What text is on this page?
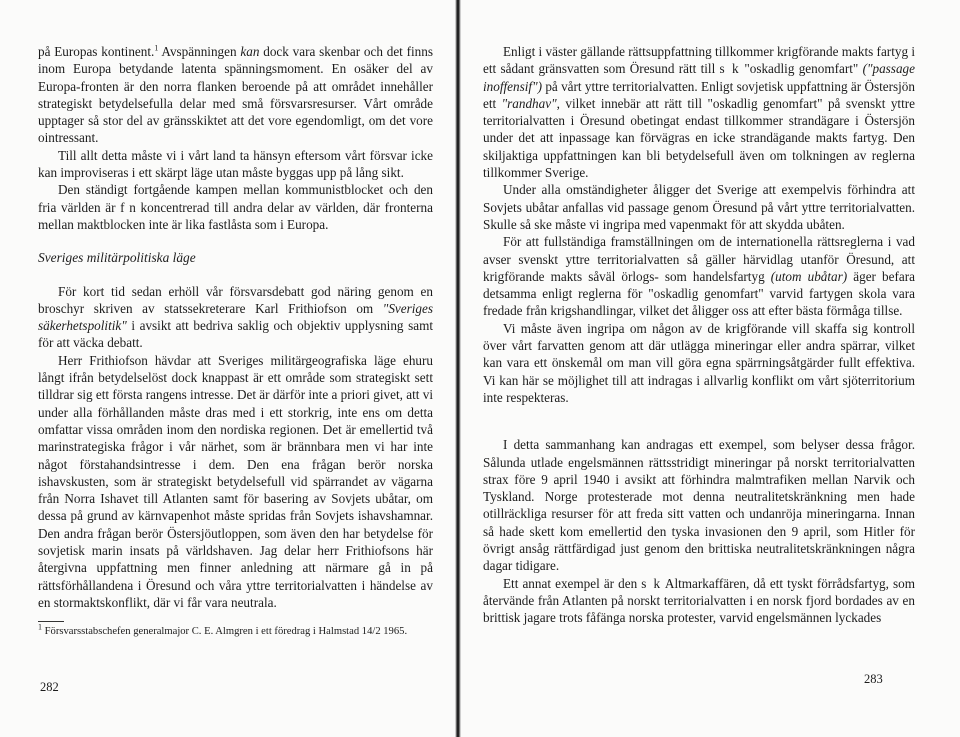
på Europas kontinent.$^1$ Avspänningen kan dock vara skenbar och det finns inom Europa betydande latenta spänningsmoment. En osäker del av Europa-fronten är den norra flanken beroende på att området innehåller strategiskt betydelsefulla delar med små försvarsresurser. Vårt område upptager så stor del av gränsskiktet att det vore egendomligt, om det vore ointressant.

Till allt detta måste vi i vårt land ta hänsyn eftersom vårt försvar icke kan improviseras i ett skärpt läge utan måste byggas upp på lång sikt.

Den ständigt fortgående kampen mellan kommunistblocket och den fria världen är f n koncentrerad till andra delar av världen, där fronterna mellan maktblocken inte är lika fastlåsta som i Europa.

Sveriges militärpolitiska läge

För kort tid sedan erhöll vår försvarsdebatt god näring genom en broschyr skriven av statssekreterare Karl Frithiofson om "Sveriges säkerhetspolitik" i avsikt att bedriva saklig och objektiv upplysning samt för att väcka debatt.

Herr Frithiofson hävdar att Sveriges militärgeografiska läge ehuru långt ifrån betydelselöst dock knappast är ett område som strategiskt sett tilldrar sig ett första rangens intresse. Det är därför inte a priori givet, att vi under alla förhållanden måste dras med i ett storkrig, inte ens om detta omfattar vissa områden inom den nordiska regionen. Det är emellertid två marinstrategiska frågor i vår närhet, som är brännbara men vi har inte något förstahandsintresse i dem. Den ena frågan berör norska ishavskusten, som är strategiskt betydelsefull vid spärrandet av vägarna från Norra Ishavet till Atlanten samt för basering av Sovjets ubåtar, om dessa på grund av kärnvapenhot måste spridas från Sovjets ishavshamnar. Den andra frågan berör Östersjöutloppen, som även den har betydelse för sovjetisk marin insats på världshaven. Jag delar herr Frithiofsons här återgivna uppfattning men finner anledning att närmare gå in på rättsförhållandena i Öresund och våra yttre territorialvatten i händelse av en stormaktskonflikt, där vi får vara neutrala.

$^1$ Försvarsstabschefen generalmajor C. E. Almgren i ett föredrag i Halmstad 14/2 1965.

282

Enligt i väster gällande rättsuppfattning tillkommer krigförande makts fartyg i ett sådant gränsvatten som Öresund rätt till s k "oskadlig genomfart" ("passage inoffensif") på vårt yttre territorialvatten. Enligt sovjetisk uppfattning är Östersjön ett "randhav", vilket innebär att rätt till "oskadlig genomfart" på svenskt yttre territorialvatten i Öresund obetingat endast tillkommer strandägare i Östersjön under det att inpassage kan förvägras en icke strandägande makts fartyg. Den skiljaktiga uppfattningen kan bli betydelsefull även om tolkningen av reglerna tillkommer Sverige.

Under alla omständigheter åligger det Sverige att exempelvis förhindra att Sovjets ubåtar anfallas vid passage genom Öresund på vårt yttre territorialvatten. Skulle så ske måste vi ingripa med vapenmakt för att skydda ubåten.

För att fullständiga framställningen om de internationella rättsreglerna i vad avser svenskt yttre territorialvatten så gäller härvidlag utanför Öresund, att krigförande makts såväl örlogs- som handelsfartyg (utom ubåtar) äger befara detsamma enligt reglerna för "oskadlig genomfart" varvid fartygen skola vara fredade från krigshandlingar, vilket det åligger oss att efter bästa förmåga tillse.

Vi måste även ingripa om någon av de krigförande vill skaffa sig kontroll över vårt farvatten genom att där utlägga mineringar eller andra spärrar, vilket kan vara ett önskemål om man vill göra egna spärrningsåtgärder fullt effektiva. Vi kan här se möjlighet till att indragas i allvarlig konflikt om vårt sjöterritorium inte respekteras.

I detta sammanhang kan andragas ett exempel, som belyser dessa frågor. Sålunda utlade engelsmännen rättsstridigt mineringar på norskt territorialvatten strax före 9 april 1940 i avsikt att förhindra malmtrafiken mellan Narvik och Tyskland. Norge protesterade mot denna neutralitetskränkning men hade otillräckliga resurser för att freda sitt vatten och undanröja mineringarna. Innan så hade skett kom emellertid den tyska invasionen den 9 april, som Hitler för övrigt ansåg rättfärdigad just genom den brittiska neutralitetskränkningen några dagar tidigare.

Ett annat exempel är den s k Altmarkaffären, då ett tyskt förrådsfartyg, som återvände från Atlanten på norskt territorialvatten i en norsk fjord bordades av en brittisk jagare trots fåfänga norska protester, varvid engelsmännen lyckades

283
